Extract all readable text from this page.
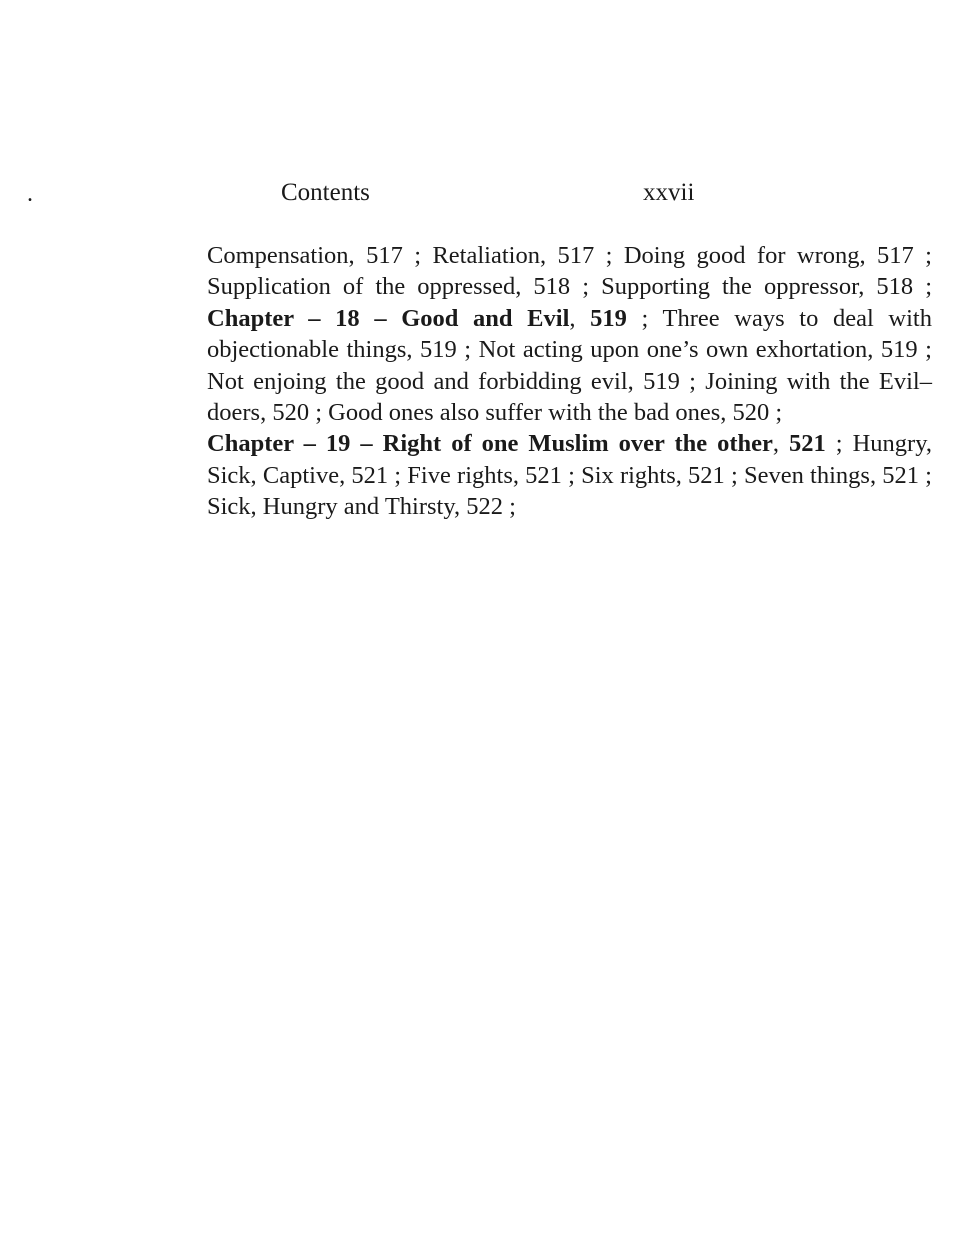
.	Contents	xxvii

Compensation, 517 ; Retaliation, 517 ; Doing good for wrong, 517 ; Supplication of the oppressed, 518 ; Supporting the oppressor, 518 ; Chapter – 18 – Good and Evil, 519 ; Three ways to deal with objectionable things, 519 ; Not acting upon one’s own exhortation, 519 ; Not enjoing the good and forbidding evil, 519 ; Joining with the Evil–doers, 520 ; Good ones also suffer with the bad ones, 520 ;

Chapter – 19 – Right of one Muslim over the other, 521 ; Hungry, Sick, Captive, 521 ; Five rights, 521 ; Six rights, 521 ; Seven things, 521 ; Sick, Hungry and Thirsty, 522 ;
